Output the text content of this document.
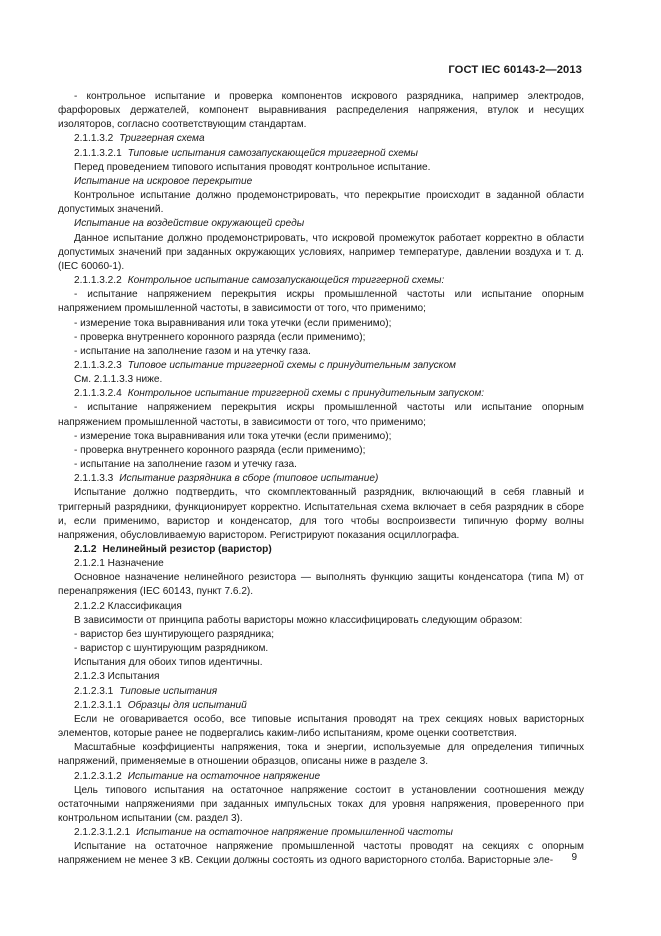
ГОСТ IEC 60143-2—2013

- контрольное испытание и проверка компонентов искрового разрядника, например электродов, фарфоровых держателей, компонент выравнивания распределения напряжения, втулок и несущих изоляторов, согласно соответствующим стандартам.

2.1.1.3.2 Триггерная схема

2.1.1.3.2.1 Типовые испытания самозапускающейся триггерной схемы

Перед проведением типового испытания проводят контрольное испытание.

Испытание на искровое перекрытие

Контрольное испытание должно продемонстрировать, что перекрытие происходит в заданной области допустимых значений.

Испытание на воздействие окружающей среды

Данное испытание должно продемонстрировать, что искровой промежуток работает корректно в области допустимых значений при заданных окружающих условиях, например температуре, давлении воздуха и т. д. (IEC 60060-1).

2.1.1.3.2.2 Контрольное испытание самозапускающейся триггерной схемы:

- испытание напряжением перекрытия искры промышленной частоты или испытание опорным напряжением промышленной частоты, в зависимости от того, что применимо;

- измерение тока выравнивания или тока утечки (если применимо);

- проверка внутреннего коронного разряда (если применимо);

- испытание на заполнение газом и на утечку газа.

2.1.1.3.2.3 Типовое испытание триггерной схемы с принудительным запуском

См. 2.1.1.3.3 ниже.

2.1.1.3.2.4 Контрольное испытание триггерной схемы с принудительным запуском:

- испытание напряжением перекрытия искры промышленной частоты или испытание опорным напряжением промышленной частоты, в зависимости от того, что применимо;

- измерение тока выравнивания или тока утечки (если применимо);

- проверка внутреннего коронного разряда (если применимо);

- испытание на заполнение газом и утечку газа.

2.1.1.3.3 Испытание разрядника в сборе (типовое испытание)

Испытание должно подтвердить, что скомплектованный разрядник, включающий в себя главный и триггерный разрядники, функционирует корректно. Испытательная схема включает в себя разрядник в сборе и, если применимо, варистор и конденсатор, для того чтобы воспроизвести типичную форму волны напряжения, обусловливаемую варистором. Регистрируют показания осциллографа.

2.1.2 Нелинейный резистор (варистор)

2.1.2.1 Назначение

Основное назначение нелинейного резистора — выполнять функцию защиты конденсатора (типа М) от перенапряжения (IEC 60143, пункт 7.6.2).

2.1.2.2 Классификация

В зависимости от принципа работы варисторы можно классифицировать следующим образом:

- варистор без шунтирующего разрядника;

- варистор с шунтирующим разрядником.

Испытания для обоих типов идентичны.

2.1.2.3 Испытания

2.1.2.3.1 Типовые испытания

2.1.2.3.1.1 Образцы для испытаний

Если не оговаривается особо, все типовые испытания проводят на трех секциях новых варисторных элементов, которые ранее не подвергались каким-либо испытаниям, кроме оценки соответствия.

Масштабные коэффициенты напряжения, тока и энергии, используемые для определения типичных напряжений, применяемые в отношении образцов, описаны ниже в разделе 3.

2.1.2.3.1.2 Испытание на остаточное напряжение

Цель типового испытания на остаточное напряжение состоит в установлении соотношения между остаточными напряжениями при заданных импульсных токах для уровня напряжения, проверенного при контрольном испытании (см. раздел 3).

2.1.2.3.1.2.1 Испытание на остаточное напряжение промышленной частоты

Испытание на остаточное напряжение промышленной частоты проводят на секциях с опорным напряжением не менее 3 кВ. Секции должны состоять из одного варисторного столба. Варисторные эле-	9
